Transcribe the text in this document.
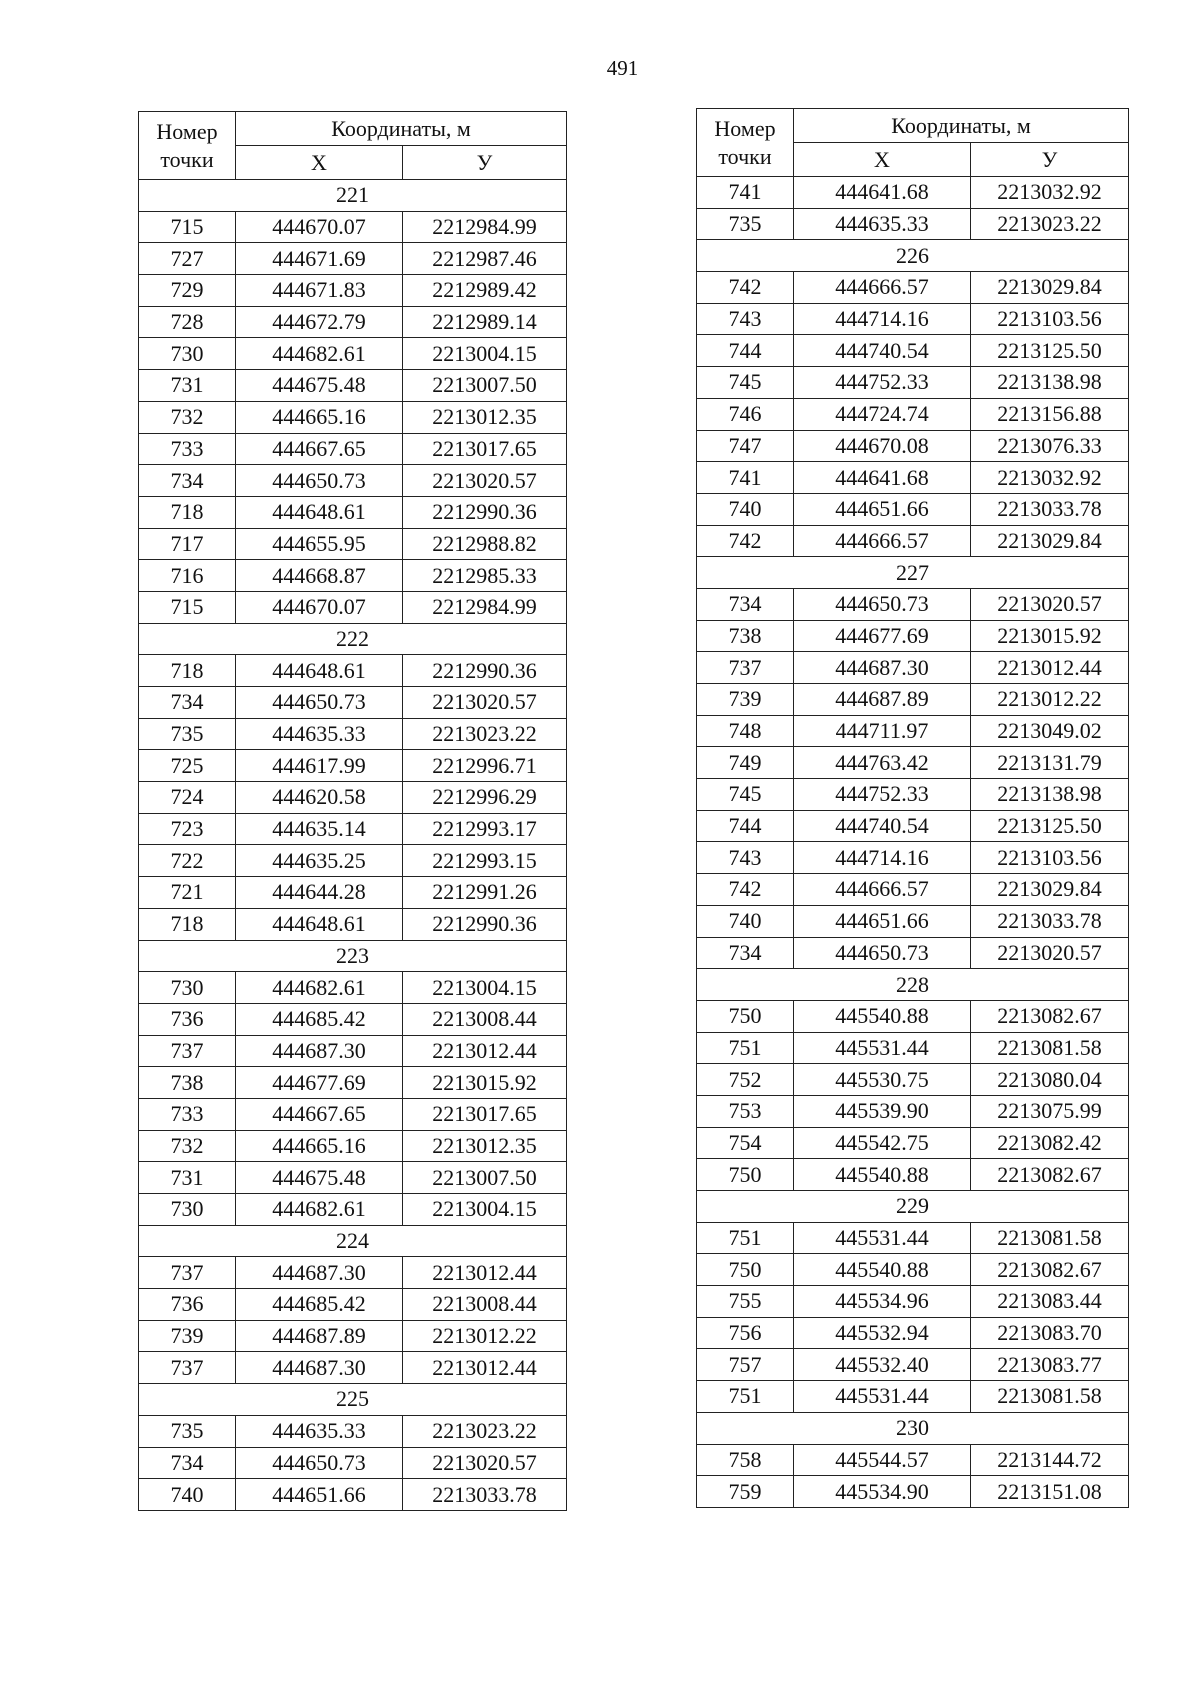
491
Номер
точки	Координаты, м	
	X	У
221		
715	444670.07	2212984.99
727	444671.69	2212987.46
729	444671.83	2212989.42
728	444672.79	2212989.14
730	444682.61	2213004.15
731	444675.48	2213007.50
732	444665.16	2213012.35
733	444667.65	2213017.65
734	444650.73	2213020.57
718	444648.61	2212990.36
717	444655.95	2212988.82
716	444668.87	2212985.33
715	444670.07	2212984.99
222		
718	444648.61	2212990.36
734	444650.73	2213020.57
735	444635.33	2213023.22
725	444617.99	2212996.71
724	444620.58	2212996.29
723	444635.14	2212993.17
722	444635.25	2212993.15
721	444644.28	2212991.26
718	444648.61	2212990.36
223		
730	444682.61	2213004.15
736	444685.42	2213008.44
737	444687.30	2213012.44
738	444677.69	2213015.92
733	444667.65	2213017.65
732	444665.16	2213012.35
731	444675.48	2213007.50
730	444682.61	2213004.15
224		
737	444687.30	2213012.44
736	444685.42	2213008.44
739	444687.89	2213012.22
737	444687.30	2213012.44
225		
735	444635.33	2213023.22
734	444650.73	2213020.57
740	444651.66	2213033.78
Номер
точки	Координаты, м	
	X	У
741	444641.68	2213032.92
735	444635.33	2213023.22
226		
742	444666.57	2213029.84
743	444714.16	2213103.56
744	444740.54	2213125.50
745	444752.33	2213138.98
746	444724.74	2213156.88
747	444670.08	2213076.33
741	444641.68	2213032.92
740	444651.66	2213033.78
742	444666.57	2213029.84
227		
734	444650.73	2213020.57
738	444677.69	2213015.92
737	444687.30	2213012.44
739	444687.89	2213012.22
748	444711.97	2213049.02
749	444763.42	2213131.79
745	444752.33	2213138.98
744	444740.54	2213125.50
743	444714.16	2213103.56
742	444666.57	2213029.84
740	444651.66	2213033.78
734	444650.73	2213020.57
228		
750	445540.88	2213082.67
751	445531.44	2213081.58
752	445530.75	2213080.04
753	445539.90	2213075.99
754	445542.75	2213082.42
750	445540.88	2213082.67
229		
751	445531.44	2213081.58
750	445540.88	2213082.67
755	445534.96	2213083.44
756	445532.94	2213083.70
757	445532.40	2213083.77
751	445531.44	2213081.58
230		
758	445544.57	2213144.72
759	445534.90	2213151.08
